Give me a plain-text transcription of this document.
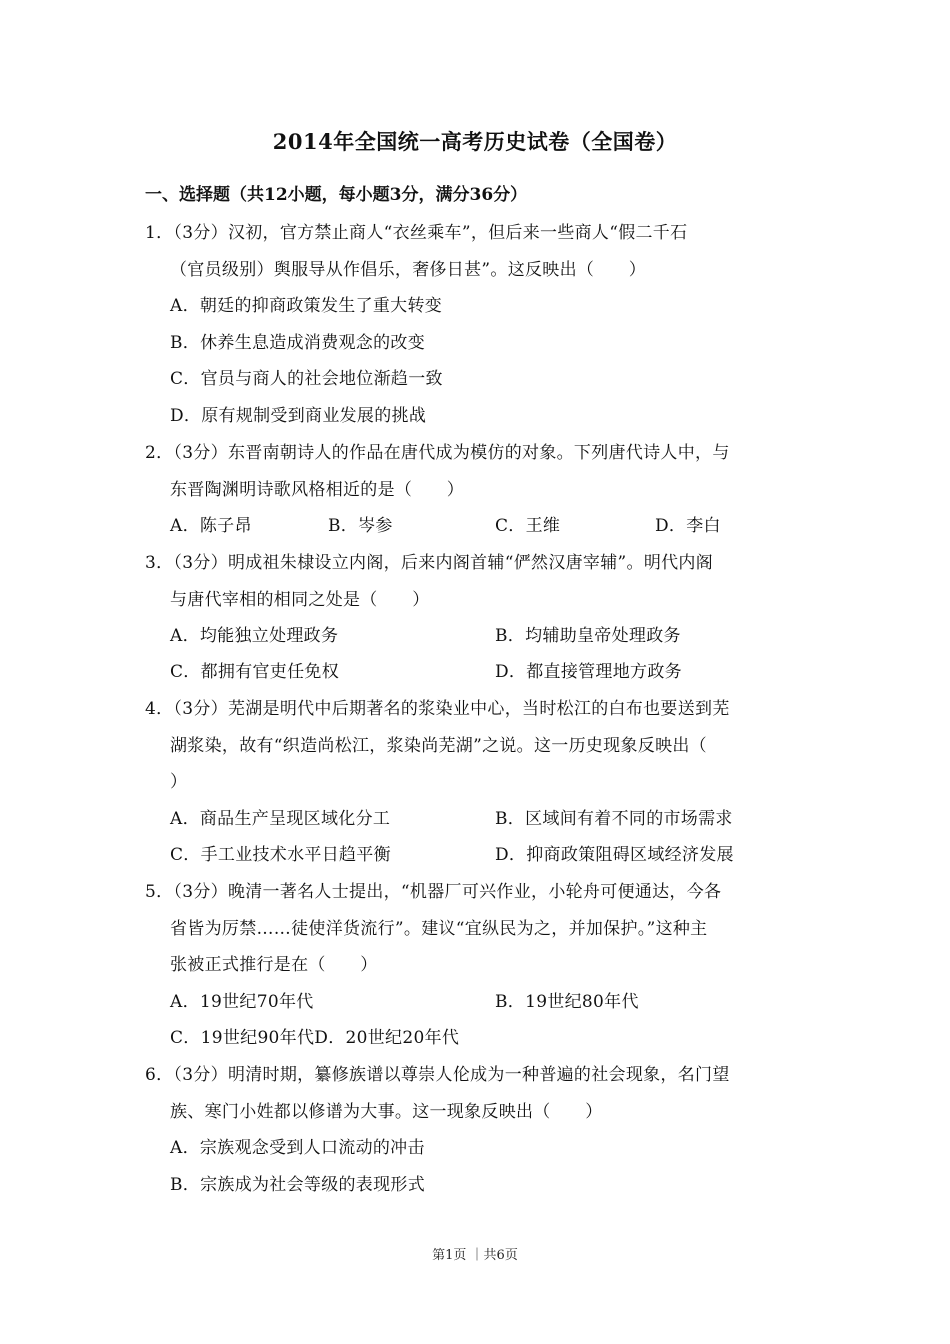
2014年全国统一高考历史试卷（全国卷）
一、选择题（共12小题，每小题3分，满分36分）
1．（3分）汉初，官方禁止商人“衣丝乘车”，但后来一些商人“假二千石
（官员级别）舆服导从作倡乐，奢侈日甚”。这反映出（　　）
A．朝廷的抑商政策发生了重大转变
B．休养生息造成消费观念的改变
C．官员与商人的社会地位渐趋一致
D．原有规制受到商业发展的挑战
2．（3分）东晋南朝诗人的作品在唐代成为模仿的对象。下列唐代诗人中，与
东晋陶渊明诗歌风格相近的是（　　）
A．陈子昂	B．岑参	C．王维	D．李白
3．（3分）明成祖朱棣设立内阁，后来内阁首辅“俨然汉唐宰辅”。明代内阁
与唐代宰相的相同之处是（　　）
A．均能独立处理政务	B．均辅助皇帝处理政务
C．都拥有官吏任免权	D．都直接管理地方政务
4．（3分）芜湖是明代中后期著名的浆染业中心，当时松江的白布也要送到芜
湖浆染，故有“织造尚松江，浆染尚芜湖”之说。这一历史现象反映出（
）
A．商品生产呈现区域化分工	B．区域间有着不同的市场需求
C．手工业技术水平日趋平衡	D．抑商政策阻碍区域经济发展
5．（3分）晚清一著名人士提出，“机器厂可兴作业，小轮舟可便通达，今各
省皆为厉禁……徒使洋货流行”。建议“宜纵民为之，并加保护。”这种主
张被正式推行是在（　　）
A．19世纪70年代	B．19世纪80年代
C．19世纪90年代D．20世纪20年代
6．（3分）明清时期，纂修族谱以尊崇人伦成为一种普遍的社会现象，名门望
族、寒门小姓都以修谱为大事。这一现象反映出（　　）
A．宗族观念受到人口流动的冲击
B．宗族成为社会等级的表现形式
第1页 ｜共6页
